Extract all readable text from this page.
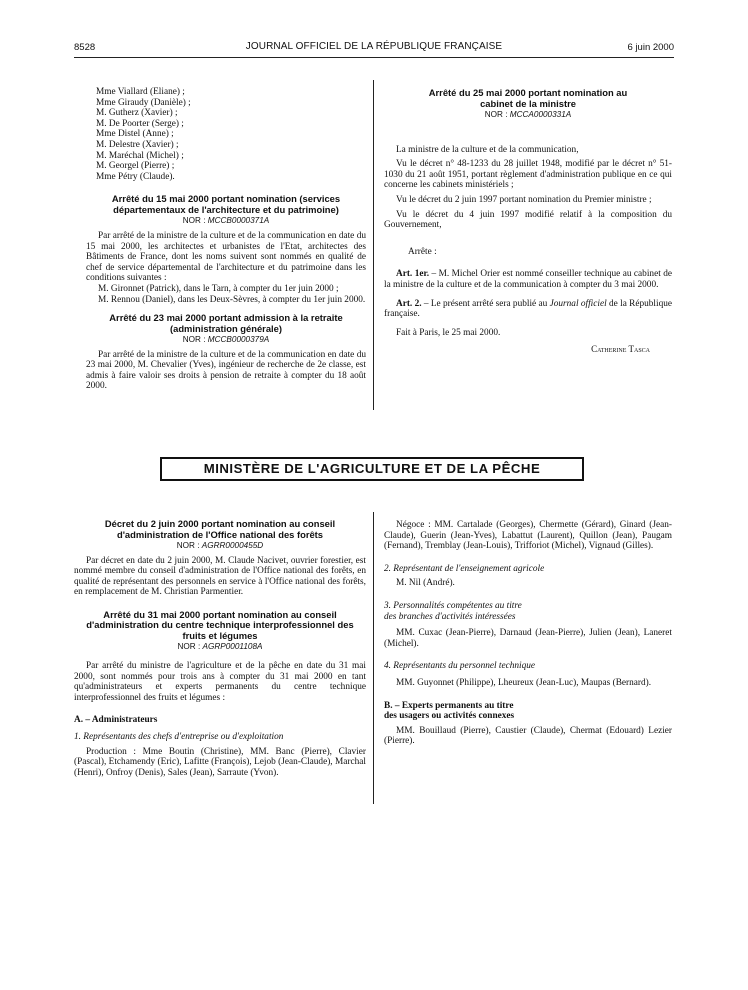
8528	JOURNAL OFFICIEL DE LA RÉPUBLIQUE FRANÇAISE	6 juin 2000

Mme Viallard (Eliane) ;

Mme Giraudy (Danièle) ;

M. Gutherz (Xavier) ;

M. De Poorter (Serge) ;

Mme Distel (Anne) ;

M. Delestre (Xavier) ;

M. Maréchal (Michel) ;

M. Georgel (Pierre) ;

Mme Pétry (Claude).

Arrêté du 15 mai 2000 portant nomination (services départementaux de l'architecture et du patrimoine)

NOR : MCCB0000371A

Par arrêté de la ministre de la culture et de la communication en date du 15 mai 2000, les architectes et urbanistes de l'Etat, architectes des Bâtiments de France, dont les noms suivent sont nommés en qualité de chef de service départemental de l'architecture et du patrimoine dans les conditions suivantes :

M. Gironnet (Patrick), dans le Tarn, à compter du 1er juin 2000 ;

M. Rennou (Daniel), dans les Deux-Sèvres, à compter du 1er juin 2000.

Arrêté du 23 mai 2000 portant admission à la retraite (administration générale)

NOR : MCCB0000379A

Par arrêté de la ministre de la culture et de la communication en date du 23 mai 2000, M. Chevalier (Yves), ingénieur de recherche de 2e classe, est admis à faire valoir ses droits à pension de retraite à compter du 18 août 2000.

Arrêté du 25 mai 2000 portant nomination au cabinet de la ministre

NOR : MCCA0000331A

La ministre de la culture et de la communication,

Vu le décret n° 48-1233 du 28 juillet 1948, modifié par le décret n° 51-1030 du 21 août 1951, portant règlement d'administration publique en ce qui concerne les cabinets ministériels ;

Vu le décret du 2 juin 1997 portant nomination du Premier ministre ;

Vu le décret du 4 juin 1997 modifié relatif à la composition du Gouvernement,

Arrête :

Art. 1er. – M. Michel Orier est nommé conseiller technique au cabinet de la ministre de la culture et de la communication à compter du 3 mai 2000.

Art. 2. – Le présent arrêté sera publié au Journal officiel de la République française.

Fait à Paris, le 25 mai 2000.

Catherine Tasca
MINISTÈRE DE L'AGRICULTURE ET DE LA PÊCHE

Décret du 2 juin 2000 portant nomination au conseil d'administration de l'Office national des forêts

NOR : AGRR0000455D

Par décret en date du 2 juin 2000, M. Claude Nacivet, ouvrier forestier, est nommé membre du conseil d'administration de l'Office national des forêts, en qualité de représentant des personnels en service à l'Office national des forêts, en remplacement de M. Christian Parmentier.

Arrêté du 31 mai 2000 portant nomination au conseil d'administration du centre technique interprofessionnel des fruits et légumes

NOR : AGRP0001108A

Par arrêté du ministre de l'agriculture et de la pêche en date du 31 mai 2000, sont nommés pour trois ans à compter du 31 mai 2000 en tant qu'administrateurs et experts permanents du centre technique interprofessionnel des fruits et légumes :

A. – Administrateurs

1. Représentants des chefs d'entreprise ou d'exploitation

Production : Mme Boutin (Christine), MM. Banc (Pierre), Clavier (Pascal), Etchamendy (Eric), Lafitte (François), Lejob (Jean-Claude), Marchal (Henri), Onfroy (Denis), Sales (Jean), Sarraute (Yvon).

Négoce : MM. Cartalade (Georges), Chermette (Gérard), Ginard (Jean-Claude), Guerin (Jean-Yves), Labattut (Laurent), Quillon (Jean), Paugam (Fernand), Tremblay (Jean-Louis), Trifforiot (Michel), Vignaud (Gilles).

2. Représentant de l'enseignement agricole

M. Nil (André).

3. Personnalités compétentes au titre

des branches d'activités intéressées

MM. Cuxac (Jean-Pierre), Darnaud (Jean-Pierre), Julien (Jean), Laneret (Michel).

4. Représentants du personnel technique

MM. Guyonnet (Philippe), Lheureux (Jean-Luc), Maupas (Bernard).

B. – Experts permanents au titre

des usagers ou activités connexes

MM. Bouillaud (Pierre), Caustier (Claude), Chermat (Edouard) Lezier (Pierre).
